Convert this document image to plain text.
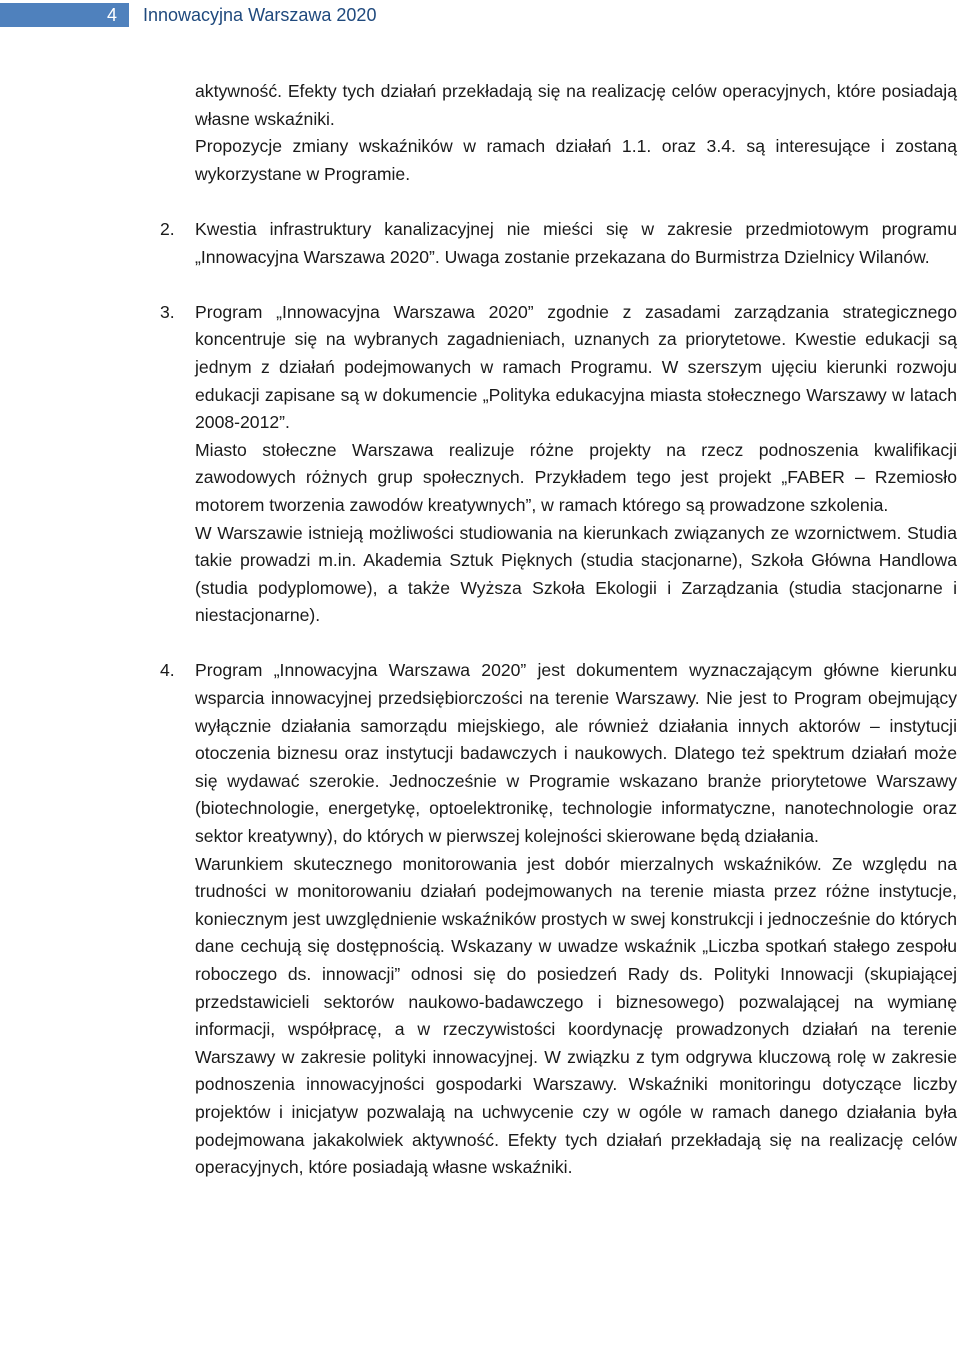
4	Innowacyjna Warszawa 2020

aktywność. Efekty tych działań przekładają się na realizację celów operacyjnych, które posiadają własne wskaźniki.

Propozycje zmiany wskaźników w ramach działań 1.1. oraz 3.4. są interesujące i zostaną wykorzystane w Programie.

2.	Kwestia infrastruktury kanalizacyjnej nie mieści się w zakresie przedmiotowym programu „Innowacyjna Warszawa 2020”. Uwaga zostanie przekazana do Burmistrza Dzielnicy Wilanów.

3.	Program „Innowacyjna Warszawa 2020” zgodnie z zasadami zarządzania strategicznego koncentruje się na wybranych zagadnieniach, uznanych za priorytetowe. Kwestie edukacji są jednym z działań podejmowanych w ramach Programu. W szerszym ujęciu kierunki rozwoju edukacji zapisane są w dokumencie „Polityka edukacyjna miasta stołecznego Warszawy w latach 2008-2012”.

Miasto stołeczne Warszawa realizuje różne projekty na rzecz podnoszenia kwalifikacji zawodowych różnych grup społecznych. Przykładem tego jest projekt „FABER – Rzemiosło motorem tworzenia zawodów kreatywnych”, w ramach którego są prowadzone szkolenia.

W Warszawie istnieją możliwości studiowania na kierunkach związanych ze wzornictwem. Studia takie prowadzi m.in. Akademia Sztuk Pięknych (studia stacjonarne), Szkoła Główna Handlowa (studia podyplomowe), a także Wyższa Szkoła Ekologii i Zarządzania (studia stacjonarne i niestacjonarne).

4.	Program „Innowacyjna Warszawa 2020” jest dokumentem wyznaczającym główne kierunku wsparcia innowacyjnej przedsiębiorczości na terenie Warszawy. Nie jest to Program obejmujący wyłącznie działania samorządu miejskiego, ale również działania innych aktorów – instytucji otoczenia biznesu oraz instytucji badawczych i naukowych. Dlatego też spektrum działań może się wydawać szerokie. Jednocześnie w Programie wskazano branże priorytetowe Warszawy (biotechnologie, energetykę, optoelektronikę, technologie informatyczne, nanotechnologie oraz sektor kreatywny), do których w pierwszej kolejności skierowane będą działania.

Warunkiem skutecznego monitorowania jest dobór mierzalnych wskaźników. Ze względu na trudności w monitorowaniu działań podejmowanych na terenie miasta przez różne instytucje, koniecznym jest uwzględnienie wskaźników prostych w swej konstrukcji i jednocześnie do których dane cechują się dostępnością. Wskazany w uwadze wskaźnik „Liczba spotkań stałego zespołu roboczego ds. innowacji” odnosi się do posiedzeń Rady ds. Polityki Innowacji (skupiającej przedstawicieli sektorów naukowo-badawczego i biznesowego) pozwalającej na wymianę informacji, współpracę, a w rzeczywistości koordynację prowadzonych działań na terenie Warszawy w zakresie polityki innowacyjnej. W związku z tym odgrywa kluczową rolę w zakresie podnoszenia innowacyjności gospodarki Warszawy. Wskaźniki monitoringu dotyczące liczby projektów i inicjatyw pozwalają na uchwycenie czy w ogóle w ramach danego działania była podejmowana jakakolwiek aktywność. Efekty tych działań przekładają się na realizację celów operacyjnych, które posiadają własne wskaźniki.
